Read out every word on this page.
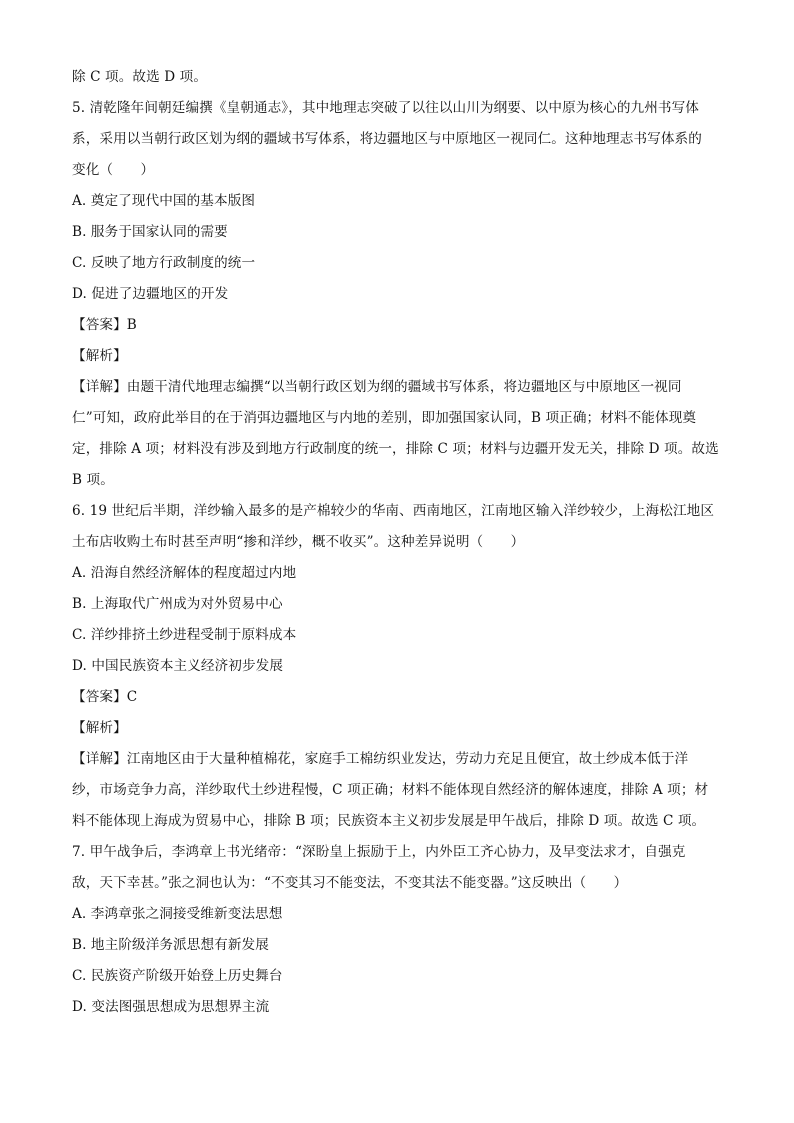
除 C 项。故选 D 项。
5. 清乾隆年间朝廷编撰《皇朝通志》，其中地理志突破了以往以山川为纲要、以中原为核心的九州书写体
系，采用以当朝行政区划为纲的疆域书写体系，将边疆地区与中原地区一视同仁。这种地理志书写体系的
变化（　　）
A. 奠定了现代中国的基本版图
B. 服务于国家认同的需要
C. 反映了地方行政制度的统一
D. 促进了边疆地区的开发
【答案】B
【解析】
【详解】由题干清代地理志编撰“以当朝行政区划为纲的疆域书写体系，将边疆地区与中原地区一视同
仁”可知，政府此举目的在于消弭边疆地区与内地的差别，即加强国家认同，B 项正确；材料不能体现奠
定，排除 A 项；材料没有涉及到地方行政制度的统一，排除 C 项；材料与边疆开发无关，排除 D 项。故选
B 项。
6. 19 世纪后半期，洋纱输入最多的是产棉较少的华南、西南地区，江南地区输入洋纱较少，上海松江地区
土布店收购土布时甚至声明“掺和洋纱，概不收买”。这种差异说明（　　）
A. 沿海自然经济解体的程度超过内地
B. 上海取代广州成为对外贸易中心
C. 洋纱排挤土纱进程受制于原料成本
D. 中国民族资本主义经济初步发展
【答案】C
【解析】
【详解】江南地区由于大量种植棉花，家庭手工棉纺织业发达，劳动力充足且便宜，故土纱成本低于洋
纱，市场竞争力高，洋纱取代土纱进程慢，C 项正确；材料不能体现自然经济的解体速度，排除 A 项；材
料不能体现上海成为贸易中心，排除 B 项；民族资本主义初步发展是甲午战后，排除 D 项。故选 C 项。
7. 甲午战争后，李鸿章上书光绪帝：“深盼皇上振励于上，内外臣工齐心协力，及早变法求才，自强克
敌，天下幸甚。”张之洞也认为：“不变其习不能变法，不变其法不能变器。”这反映出（　　）
A. 李鸿章张之洞接受维新变法思想
B. 地主阶级洋务派思想有新发展
C. 民族资产阶级开始登上历史舞台
D. 变法图强思想成为思想界主流
